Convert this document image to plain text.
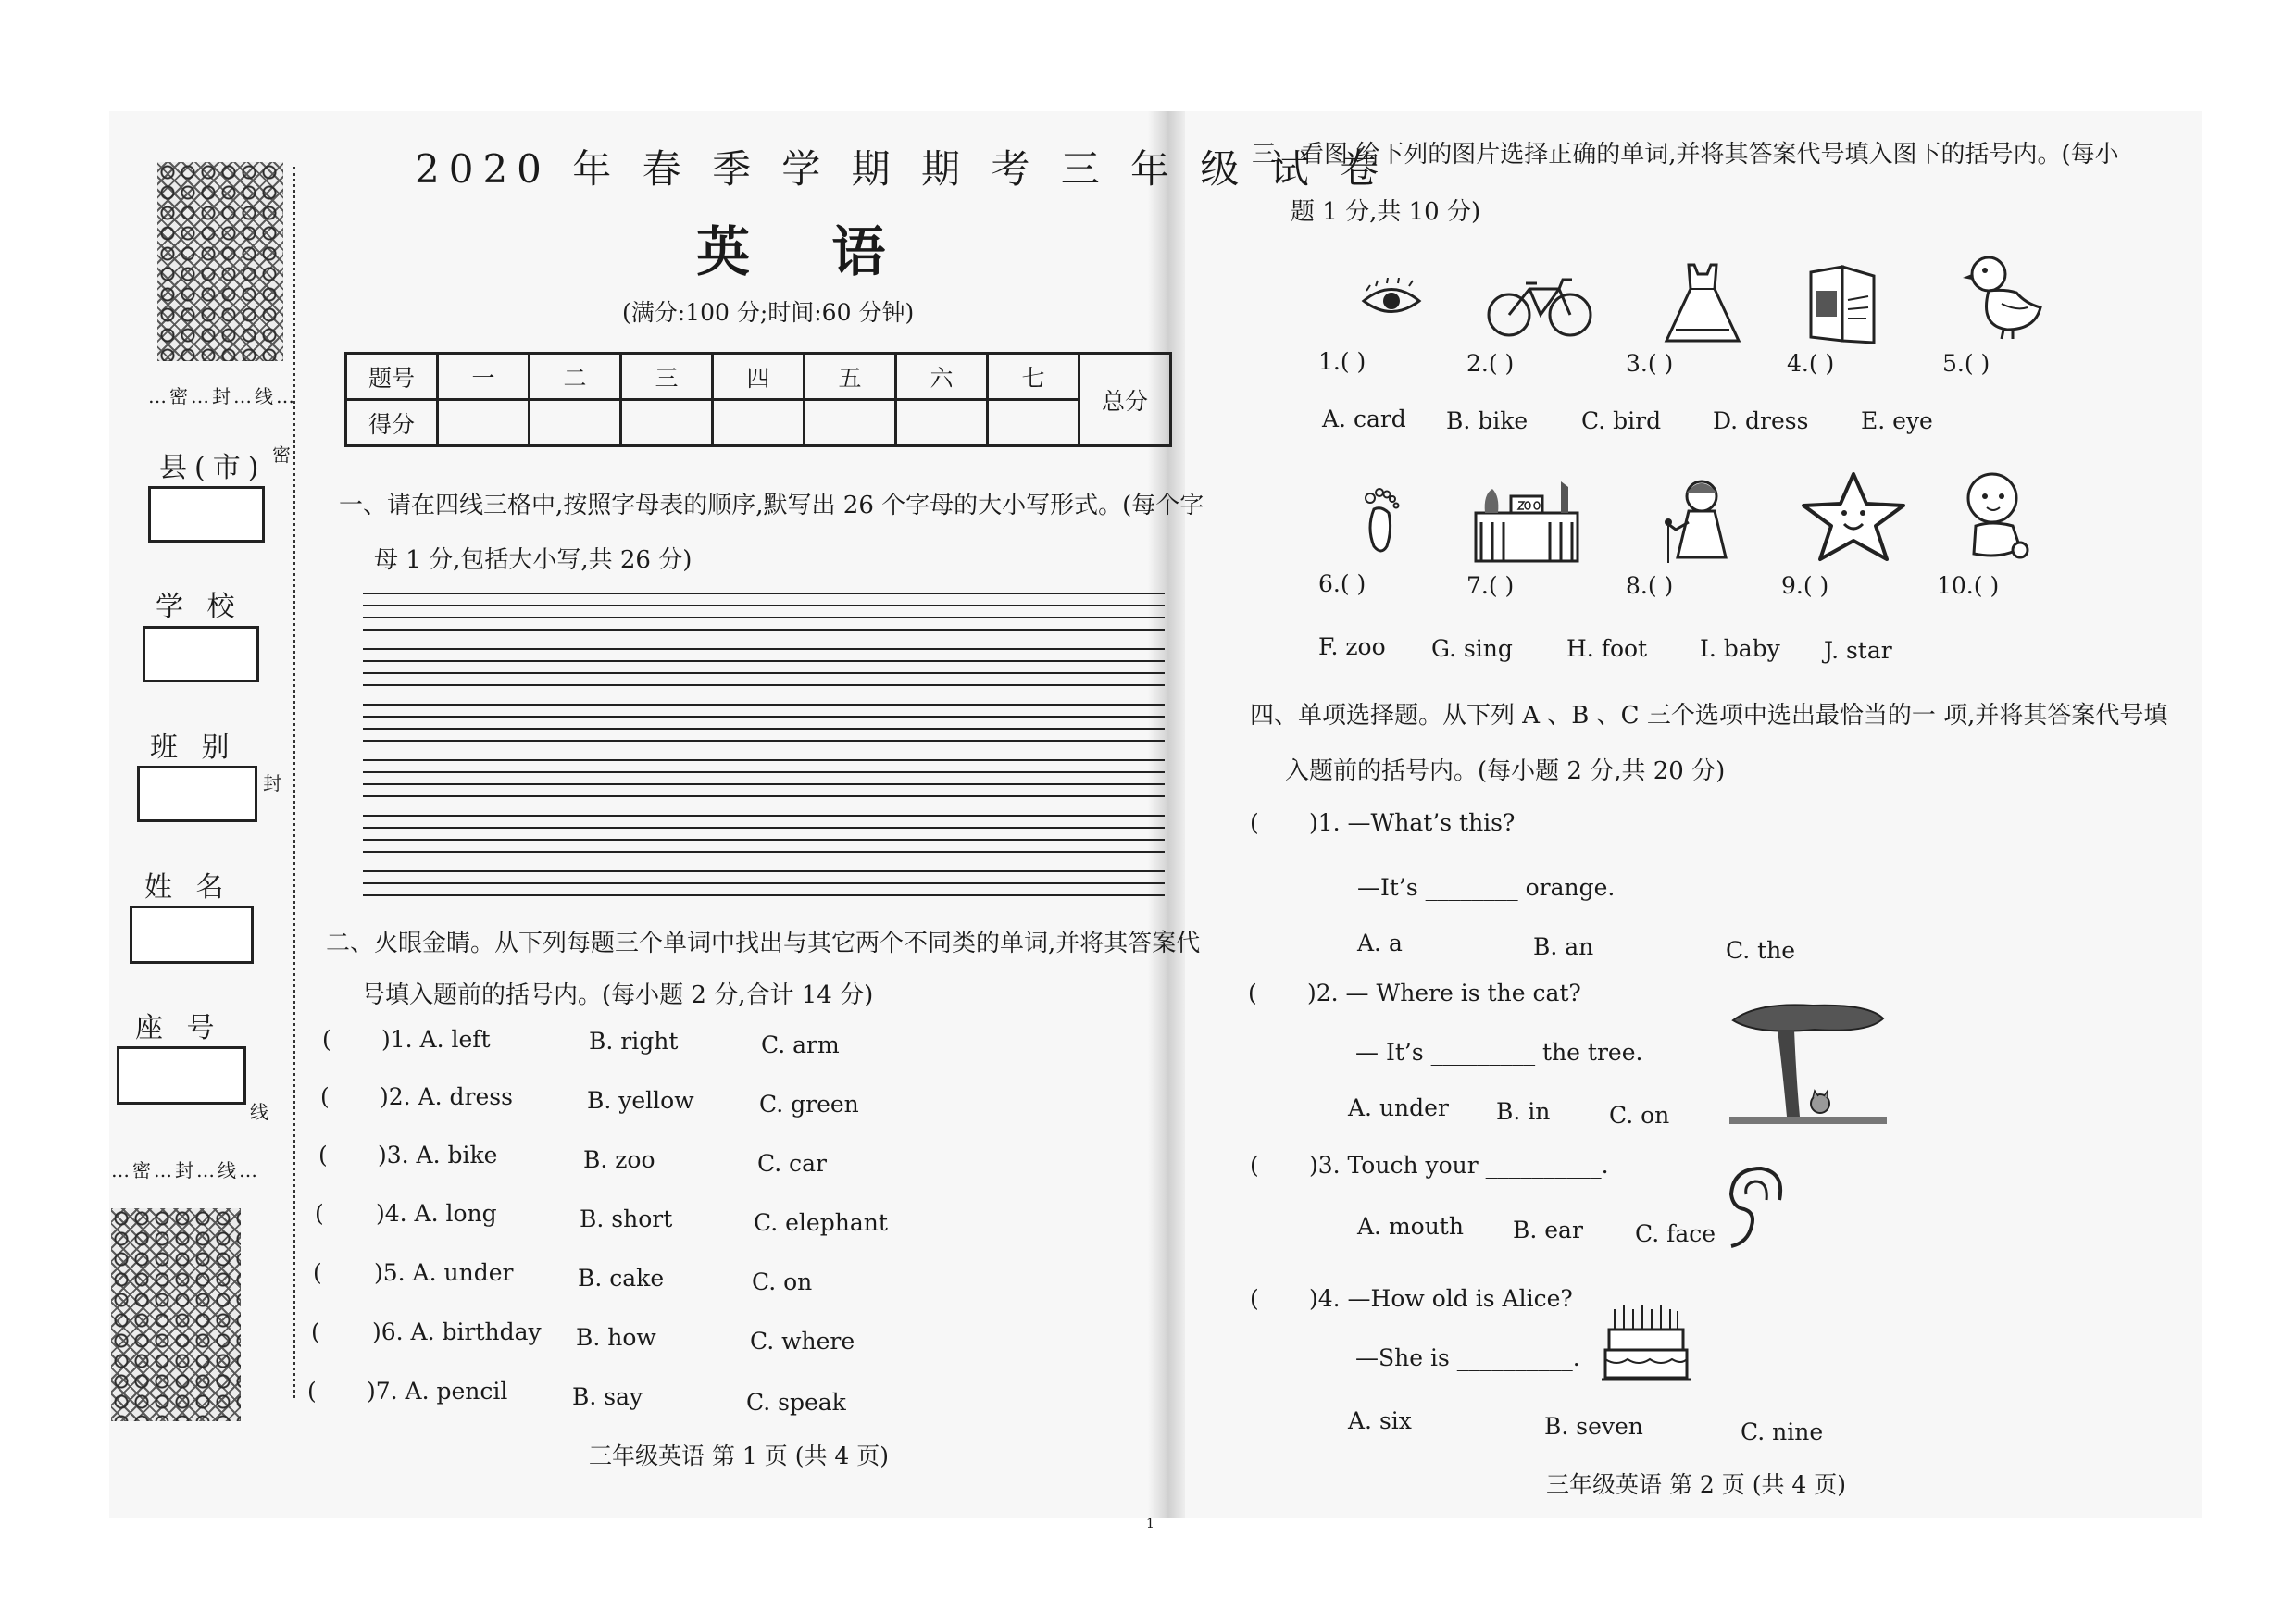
…密…封…线…
…密…封…线…
密
封
线
县(市)
学 校
班 别
姓 名
座 号
2020 年 春 季 学 期 期 考 三 年 级 试 卷
英 语
(满分:100 分;时间:60 分钟)
题号	一	二	三	四	五	六	七	总分
得分								
一、请在四线三格中,按照字母表的顺序,默写出 26 个字母的大小写形式。(每个字
母 1 分,包括大小写,共 26 分)
二、火眼金睛。从下列每题三个单词中找出与其它两个不同类的单词,并将其答案代
号填入题前的括号内。(每小题 2 分,合计 14 分)
( )1. A. left	B. right	C. arm
( )2. A. dress	B. yellow	C. green
( )3. A. bike	B. zoo	C. car
( )4. A. long	B. short	C. elephant
( )5. A. under	B. cake	C. on
( )6. A. birthday B. how	C. where
( )7. A. pencil	B. say	C. speak
三年级英语 第 1 页 (共 4 页)
三、看图,给下列的图片选择正确的单词,并将其答案代号填入图下的括号内。(每小
题 1 分,共 10 分)
1.( )	2.( )	3.( )	4.( )	5.( )
A. card B. bike C. bird D. dress E. eye
6.( )	7.( )	8.( )	9.( )	10.( )
F. zoo G. sing H. foot I. baby J. star
四、单项选择题。从下列 A 、B 、C 三个选项中选出最恰当的一 项,并将其答案代号填
入题前的括号内。(每小题 2 分,共 20 分)
( )1. —What’s this?
—It’s ________ orange.
A. a	B. an	C. the
( )2. — Where is the cat?
— It’s _________ the tree.
A. under B. in	C. on
( )3. Touch your __________.
A. mouth B. ear C. face
( )4. —How old is Alice?
—She is __________.
A. six	B. seven	C. nine
三年级英语 第 2 页 (共 4 页)
1
